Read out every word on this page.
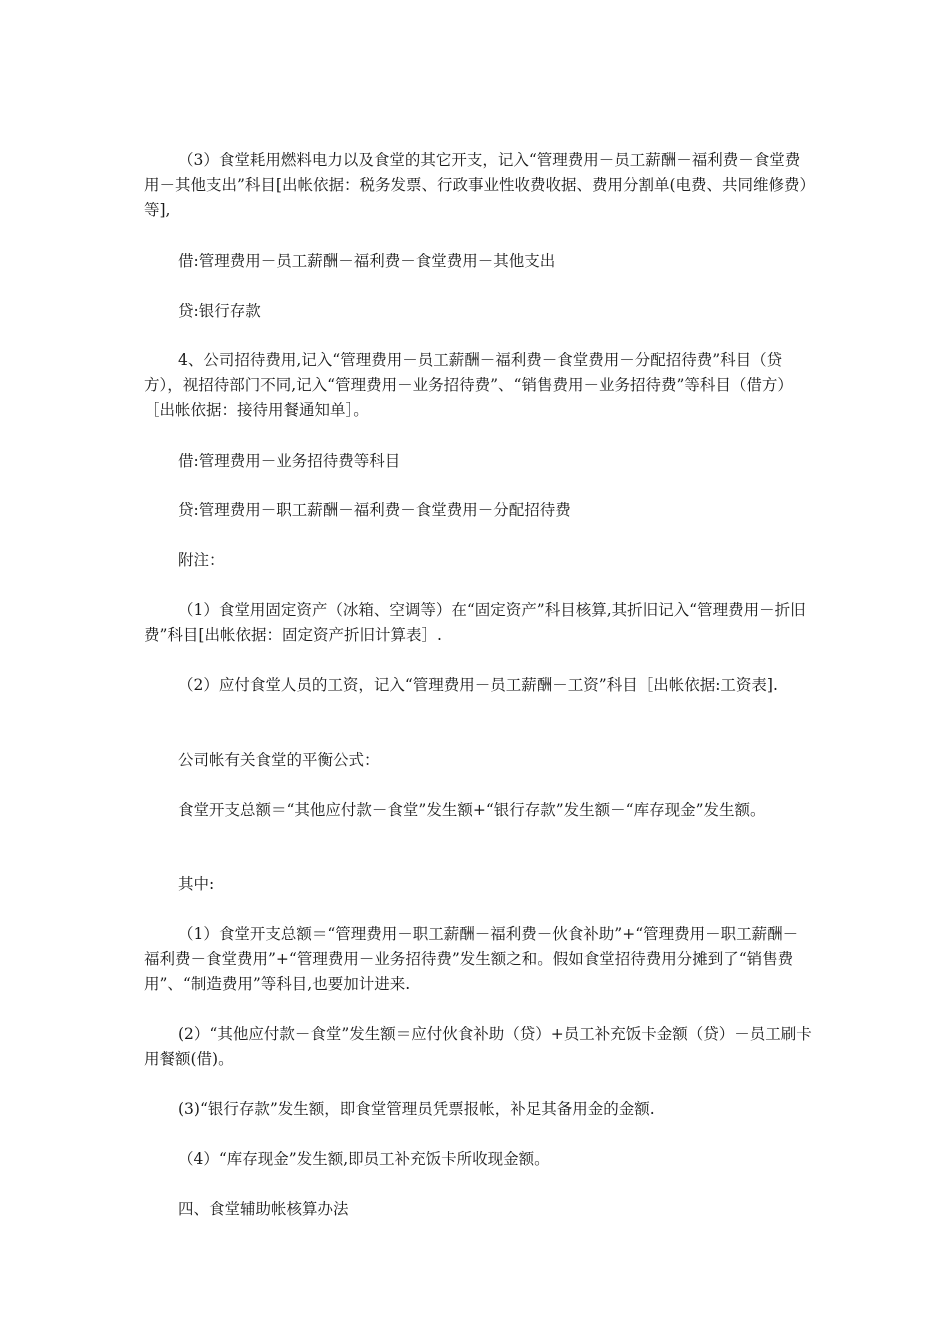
（3）食堂耗用燃料电力以及食堂的其它开支，记入“管理费用－员工薪酬－福利费－食堂费用－其他支出”科目[出帐依据：税务发票、行政事业性收费收据、费用分割单(电费、共同维修费）等],

借:管理费用－员工薪酬－福利费－食堂费用－其他支出

贷:银行存款

4、公司招待费用,记入“管理费用－员工薪酬－福利费－食堂费用－分配招待费”科目（贷方），视招待部门不同,记入“管理费用－业务招待费”、“销售费用－业务招待费”等科目（借方）［出帐依据：接待用餐通知单］。

借:管理费用－业务招待费等科目

贷:管理费用－职工薪酬－福利费－食堂费用－分配招待费

附注：

（1）食堂用固定资产（冰箱、空调等）在“固定资产”科目核算,其折旧记入“管理费用－折旧费”科目[出帐依据：固定资产折旧计算表］.

（2）应付食堂人员的工资，记入“管理费用－员工薪酬－工资”科目［出帐依据:工资表].

公司帐有关食堂的平衡公式：

食堂开支总额＝“其他应付款－食堂”发生额+“银行存款”发生额－“库存现金”发生额。

其中:

（1）食堂开支总额＝“管理费用－职工薪酬－福利费－伙食补助”+“管理费用－职工薪酬－福利费－食堂费用”+“管理费用－业务招待费”发生额之和。假如食堂招待费用分摊到了“销售费用”、“制造费用”等科目,也要加计进来.

(2）“其他应付款－食堂”发生额＝应付伙食补助（贷）+员工补充饭卡金额（贷）－员工刷卡用餐额(借)。

(3)“银行存款”发生额，即食堂管理员凭票报帐，补足其备用金的金额.

（4）“库存现金”发生额,即员工补充饭卡所收现金额。

四、食堂辅助帐核算办法
